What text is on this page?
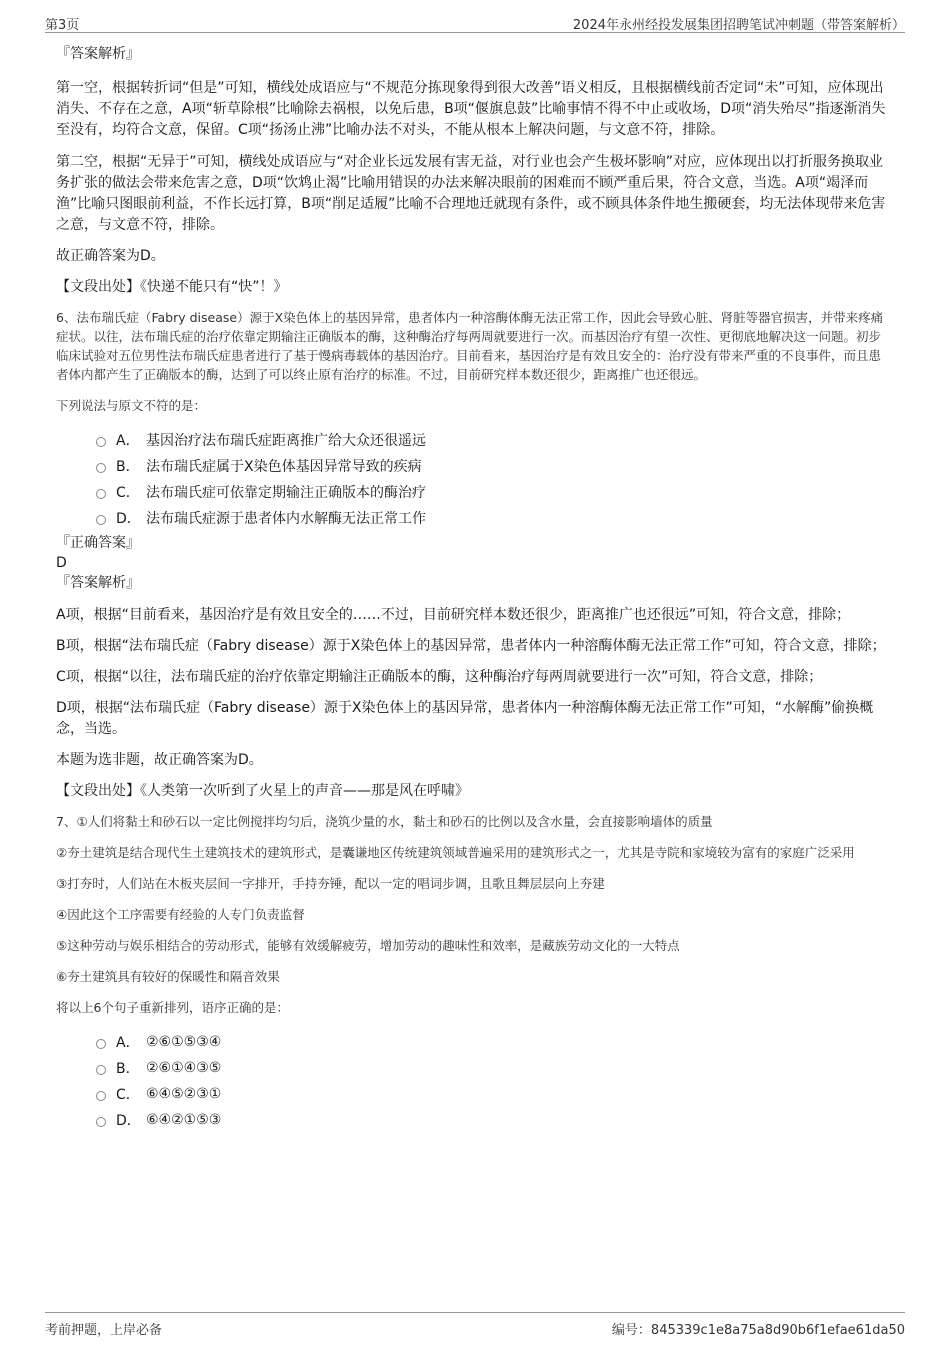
第3页	2024年永州经投发展集团招聘笔试冲刺题（带答案解析）

『答案解析』

第一空，根据转折词“但是”可知，横线处成语应与“不规范分拣现象得到很大改善”语义相反，且根据横线前否定词“未”可知，应体现出消失、不存在之意，A项“斩草除根”比喻除去祸根，以免后患，B项“偃旗息鼓”比喻事情不得不中止或收场，D项“消失殆尽”指逐渐消失至没有，均符合文意，保留。C项“扬汤止沸”比喻办法不对头，不能从根本上解决问题，与文意不符，排除。

第二空，根据“无异于”可知，横线处成语应与“对企业长远发展有害无益，对行业也会产生极坏影响”对应，应体现出以打折服务换取业务扩张的做法会带来危害之意，D项“饮鸩止渴”比喻用错误的办法来解决眼前的困难而不顾严重后果，符合文意，当选。A项“竭泽而渔”比喻只图眼前利益，不作长远打算，B项“削足适履”比喻不合理地迁就现有条件，或不顾具体条件地生搬硬套，均无法体现带来危害之意，与文意不符，排除。

故正确答案为D。

【文段出处】《快递不能只有“快”！》

6、法布瑞氏症（Fabry disease）源于X染色体上的基因异常，患者体内一种溶酶体酶无法正常工作，因此会导致心脏、肾脏等器官损害，并带来疼痛症状。以往，法布瑞氏症的治疗依靠定期输注正确版本的酶，这种酶治疗每两周就要进行一次。而基因治疗有望一次性、更彻底地解决这一问题。初步临床试验对五位男性法布瑞氏症患者进行了基于慢病毒载体的基因治疗。目前看来，基因治疗是有效且安全的：治疗没有带来严重的不良事件，而且患者体内都产生了正确版本的酶，达到了可以终止原有治疗的标准。不过，目前研究样本数还很少，距离推广也还很远。

下列说法与原文不符的是：

A． 基因治疗法布瑞氏症距离推广给大众还很遥远
B． 法布瑞氏症属于X染色体基因异常导致的疾病
C． 法布瑞氏症可依靠定期输注正确版本的酶治疗
D． 法布瑞氏症源于患者体内水解酶无法正常工作

『正确答案』

D

『答案解析』

A项，根据“目前看来，基因治疗是有效且安全的……不过，目前研究样本数还很少，距离推广也还很远”可知，符合文意，排除；

B项，根据“法布瑞氏症（Fabry disease）源于X染色体上的基因异常，患者体内一种溶酶体酶无法正常工作”可知，符合文意，排除；

C项，根据“以往，法布瑞氏症的治疗依靠定期输注正确版本的酶，这种酶治疗每两周就要进行一次”可知，符合文意，排除；

D项，根据“法布瑞氏症（Fabry disease）源于X染色体上的基因异常，患者体内一种溶酶体酶无法正常工作”可知，“水解酶”偷换概念，当选。

本题为选非题，故正确答案为D。

【文段出处】《人类第一次听到了火星上的声音——那是风在呼啸》

7、①人们将黏土和砂石以一定比例搅拌均匀后，浇筑少量的水，黏土和砂石的比例以及含水量，会直接影响墙体的质量

②夯土建筑是结合现代生土建筑技术的建筑形式，是囊谦地区传统建筑领域普遍采用的建筑形式之一，尤其是寺院和家境较为富有的家庭广泛采用

③打夯时，人们站在木板夹层间一字排开，手持夯锤，配以一定的唱词步调，且歌且舞层层向上夯建

④因此这个工序需要有经验的人专门负责监督

⑤这种劳动与娱乐相结合的劳动形式，能够有效缓解疲劳，增加劳动的趣味性和效率，是藏族劳动文化的一大特点

⑥夯土建筑具有较好的保暖性和隔音效果

将以上6个句子重新排列，语序正确的是：

A． ②⑥①⑤③④
B． ②⑥①④③⑤
C． ⑥④⑤②③①
D． ⑥④②①⑤③
考前押题，上岸必备	编号：845339c1e8a75a8d90b6f1efae61da50
